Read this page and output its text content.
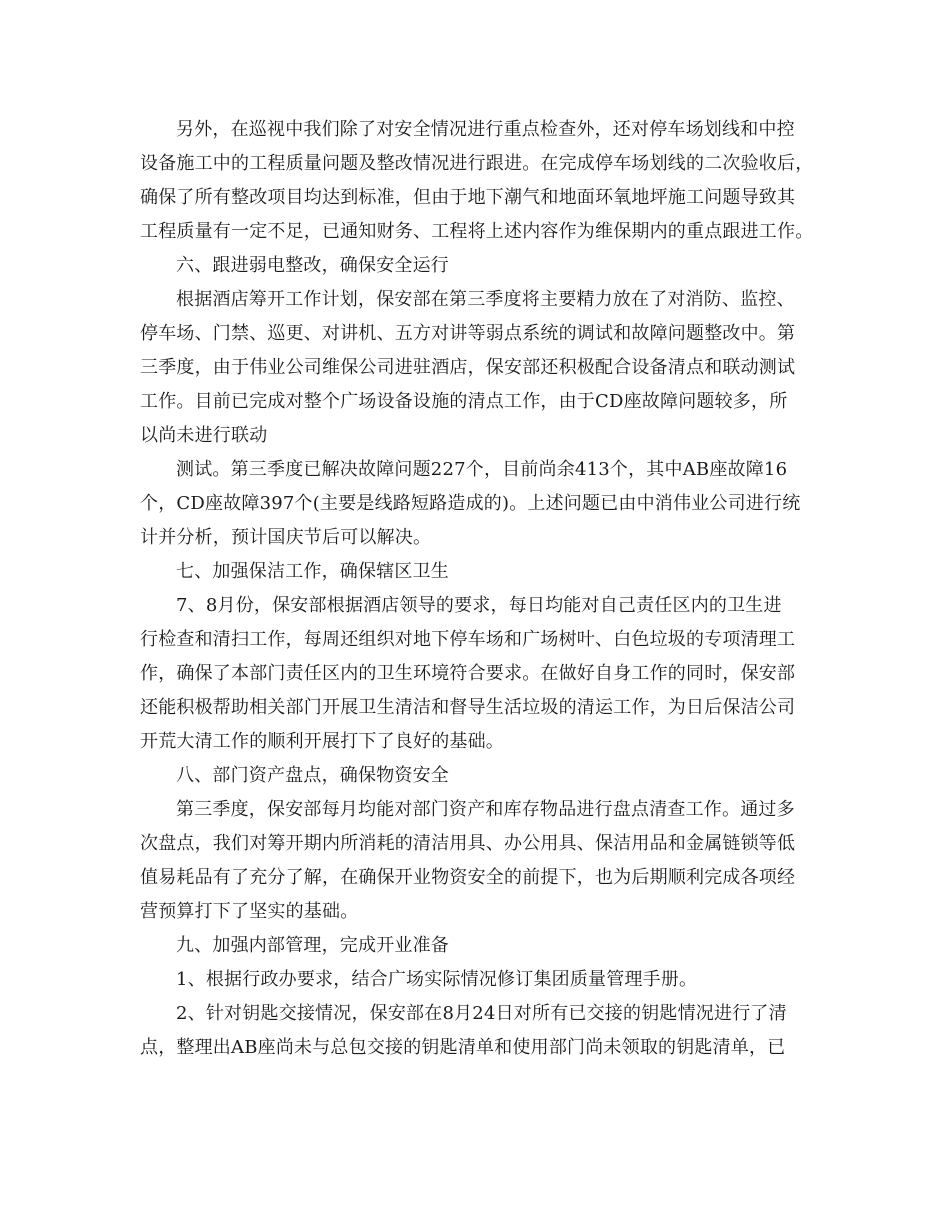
另外，在巡视中我们除了对安全情况进行重点检查外，还对停车场划线和中控
设备施工中的工程质量问题及整改情况进行跟进。在完成停车场划线的二次验收后，
确保了所有整改项目均达到标准，但由于地下潮气和地面环氧地坪施工问题导致其
工程质量有一定不足，已通知财务、工程将上述内容作为维保期内的重点跟进工作。
六、跟进弱电整改，确保安全运行
根据酒店筹开工作计划，保安部在第三季度将主要精力放在了对消防、监控、
停车场、门禁、巡更、对讲机、五方对讲等弱点系统的调试和故障问题整改中。第
三季度，由于伟业公司维保公司进驻酒店，保安部还积极配合设备清点和联动测试
工作。目前已完成对整个广场设备设施的清点工作，由于CD座故障问题较多，所
以尚未进行联动
测试。第三季度已解决故障问题227个，目前尚余413个，其中AB座故障16
个，CD座故障397个(主要是线路短路造成的)。上述问题已由中消伟业公司进行统
计并分析，预计国庆节后可以解决。
七、加强保洁工作，确保辖区卫生
7、8月份，保安部根据酒店领导的要求，每日均能对自己责任区内的卫生进
行检查和清扫工作，每周还组织对地下停车场和广场树叶、白色垃圾的专项清理工
作，确保了本部门责任区内的卫生环境符合要求。在做好自身工作的同时，保安部
还能积极帮助相关部门开展卫生清洁和督导生活垃圾的清运工作，为日后保洁公司
开荒大清工作的顺利开展打下了良好的基础。
八、部门资产盘点，确保物资安全
第三季度，保安部每月均能对部门资产和库存物品进行盘点清查工作。通过多
次盘点，我们对筹开期内所消耗的清洁用具、办公用具、保洁用品和金属链锁等低
值易耗品有了充分了解，在确保开业物资安全的前提下，也为后期顺利完成各项经
营预算打下了坚实的基础。
九、加强内部管理，完成开业准备
1、根据行政办要求，结合广场实际情况修订集团质量管理手册。
2、针对钥匙交接情况，保安部在8月24日对所有已交接的钥匙情况进行了清
点，整理出AB座尚未与总包交接的钥匙清单和使用部门尚未领取的钥匙清单，已
